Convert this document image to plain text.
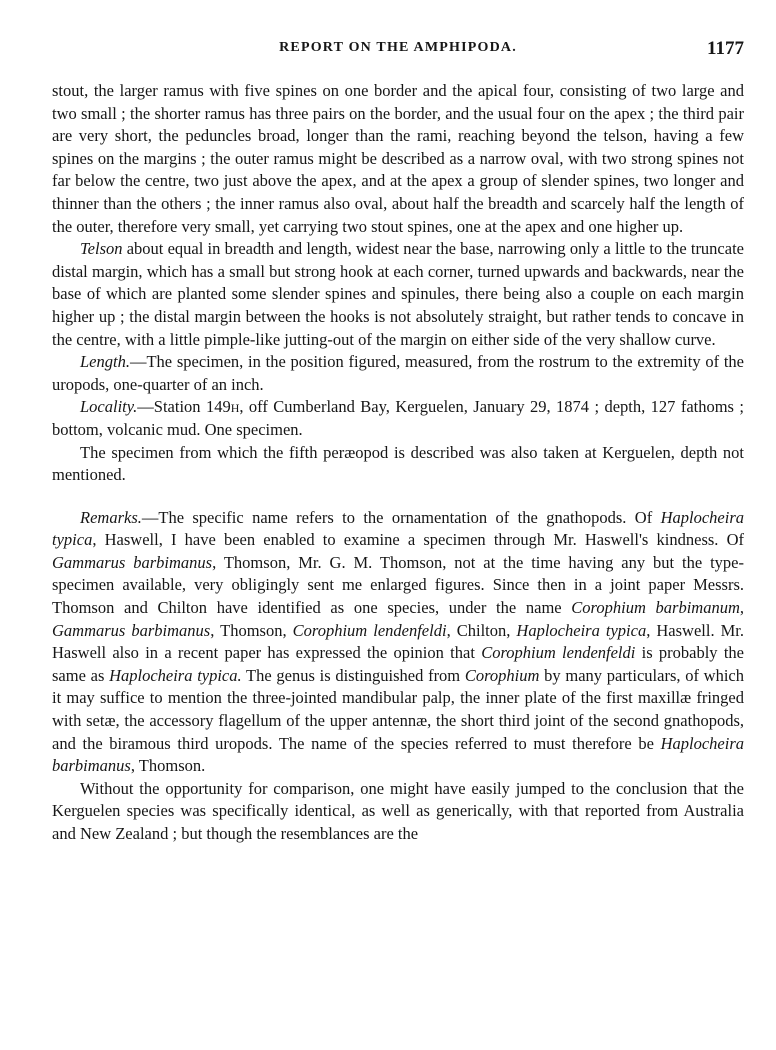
REPORT ON THE AMPHIPODA.	1177

stout, the larger ramus with five spines on one border and the apical four, consisting of two large and two small ; the shorter ramus has three pairs on the border, and the usual four on the apex ; the third pair are very short, the peduncles broad, longer than the rami, reaching beyond the telson, having a few spines on the margins ; the outer ramus might be described as a narrow oval, with two strong spines not far below the centre, two just above the apex, and at the apex a group of slender spines, two longer and thinner than the others ; the inner ramus also oval, about half the breadth and scarcely half the length of the outer, therefore very small, yet carrying two stout spines, one at the apex and one higher up.

Telson about equal in breadth and length, widest near the base, narrowing only a little to the truncate distal margin, which has a small but strong hook at each corner, turned upwards and backwards, near the base of which are planted some slender spines and spinules, there being also a couple on each margin higher up ; the distal margin between the hooks is not absolutely straight, but rather tends to concave in the centre, with a little pimple-like jutting-out of the margin on either side of the very shallow curve.

Length.—The specimen, in the position figured, measured, from the rostrum to the extremity of the uropods, one-quarter of an inch.

Locality.—Station 149h, off Cumberland Bay, Kerguelen, January 29, 1874 ; depth, 127 fathoms ; bottom, volcanic mud. One specimen.

The specimen from which the fifth peræopod is described was also taken at Kerguelen, depth not mentioned.

Remarks.—The specific name refers to the ornamentation of the gnathopods. Of Haplocheira typica, Haswell, I have been enabled to examine a specimen through Mr. Haswell's kindness. Of Gammarus barbimanus, Thomson, Mr. G. M. Thomson, not at the time having any but the type-specimen available, very obligingly sent me enlarged figures. Since then in a joint paper Messrs. Thomson and Chilton have identified as one species, under the name Corophium barbimanum, Gammarus barbimanus, Thomson, Corophium lendenfeldi, Chilton, Haplocheira typica, Haswell. Mr. Haswell also in a recent paper has expressed the opinion that Corophium lendenfeldi is probably the same as Haplocheira typica. The genus is distinguished from Corophium by many particulars, of which it may suffice to mention the three-jointed mandibular palp, the inner plate of the first maxillæ fringed with setæ, the accessory flagellum of the upper antennæ, the short third joint of the second gnathopods, and the biramous third uropods. The name of the species referred to must therefore be Haplocheira barbimanus, Thomson.

Without the opportunity for comparison, one might have easily jumped to the conclusion that the Kerguelen species was specifically identical, as well as generically, with that reported from Australia and New Zealand ; but though the resemblances are the
